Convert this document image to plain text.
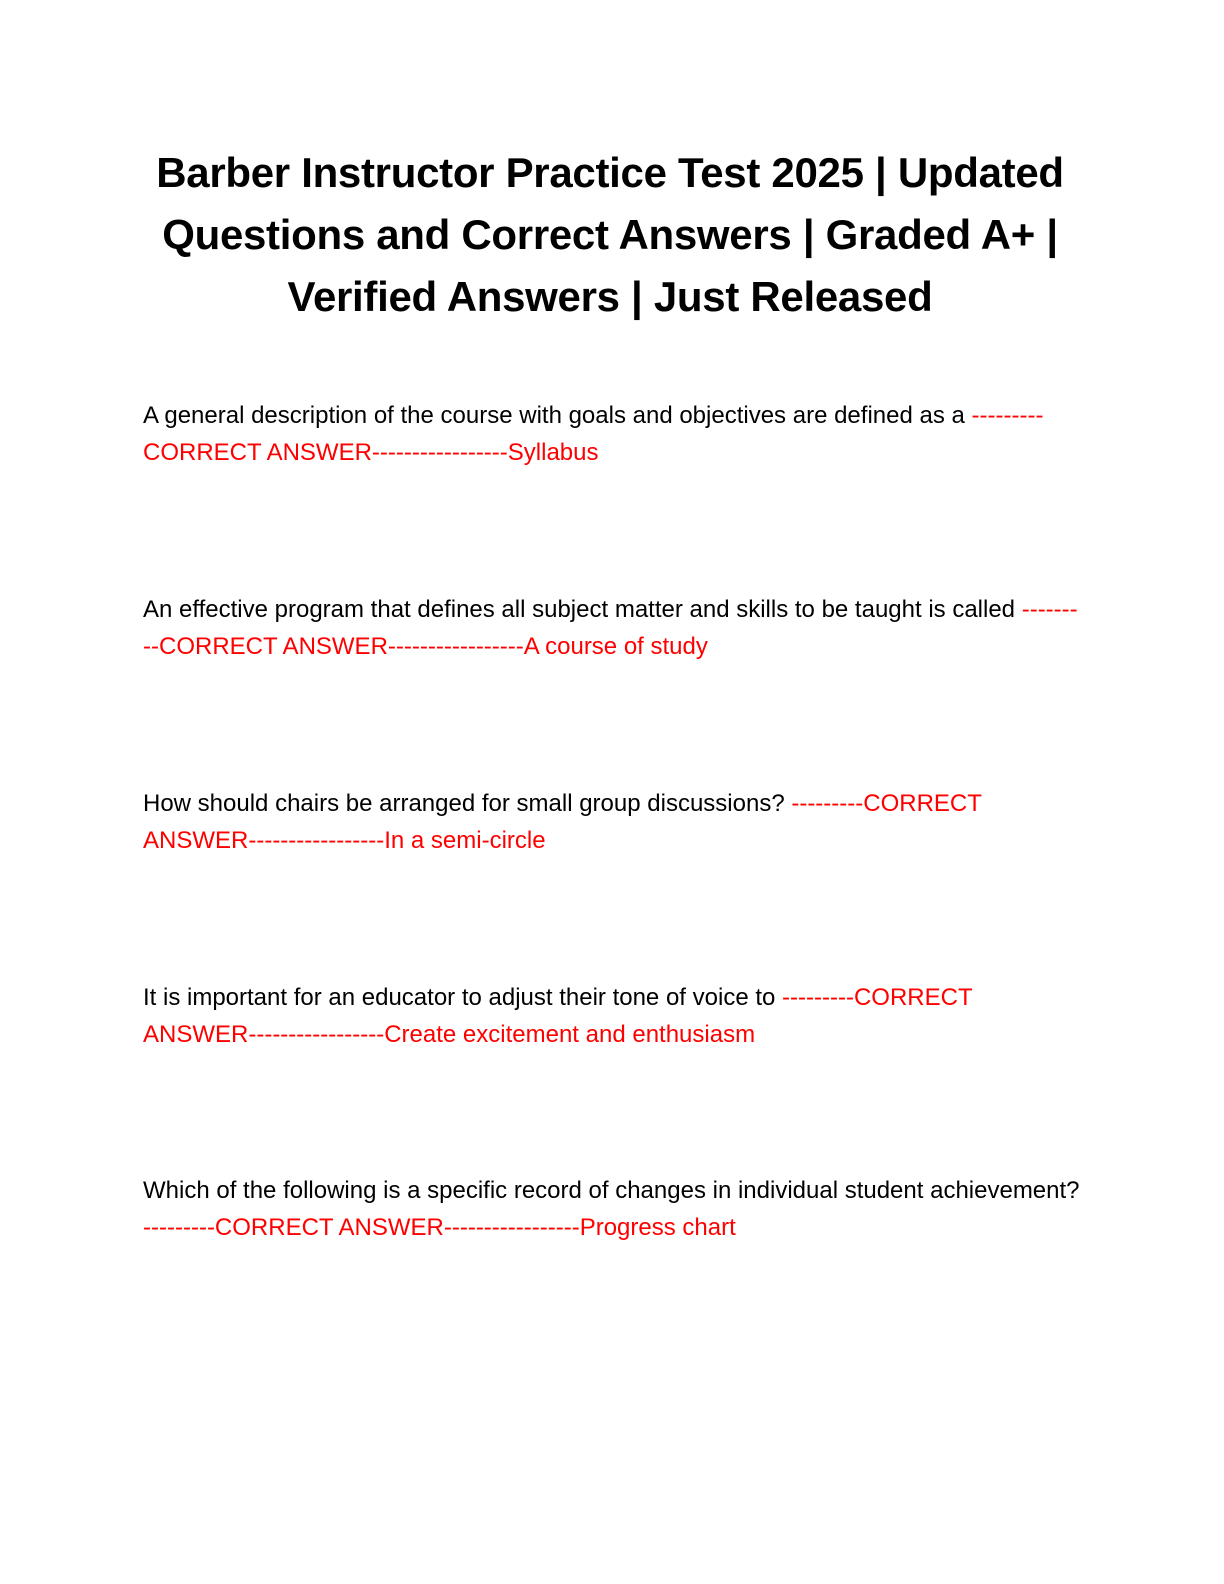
Barber Instructor Practice Test 2025 | Updated Questions and Correct Answers | Graded A+ | Verified Answers | Just Released

A general description of the course with goals and objectives are defined as a ---------CORRECT ANSWER-----------------Syllabus

An effective program that defines all subject matter and skills to be taught is called ---------CORRECT ANSWER-----------------A course of study

How should chairs be arranged for small group discussions? ---------CORRECT ANSWER-----------------In a semi-circle

It is important for an educator to adjust their tone of voice to ---------CORRECT ANSWER-----------------Create excitement and enthusiasm

Which of the following is a specific record of changes in individual student achievement? ---------CORRECT ANSWER-----------------Progress chart
